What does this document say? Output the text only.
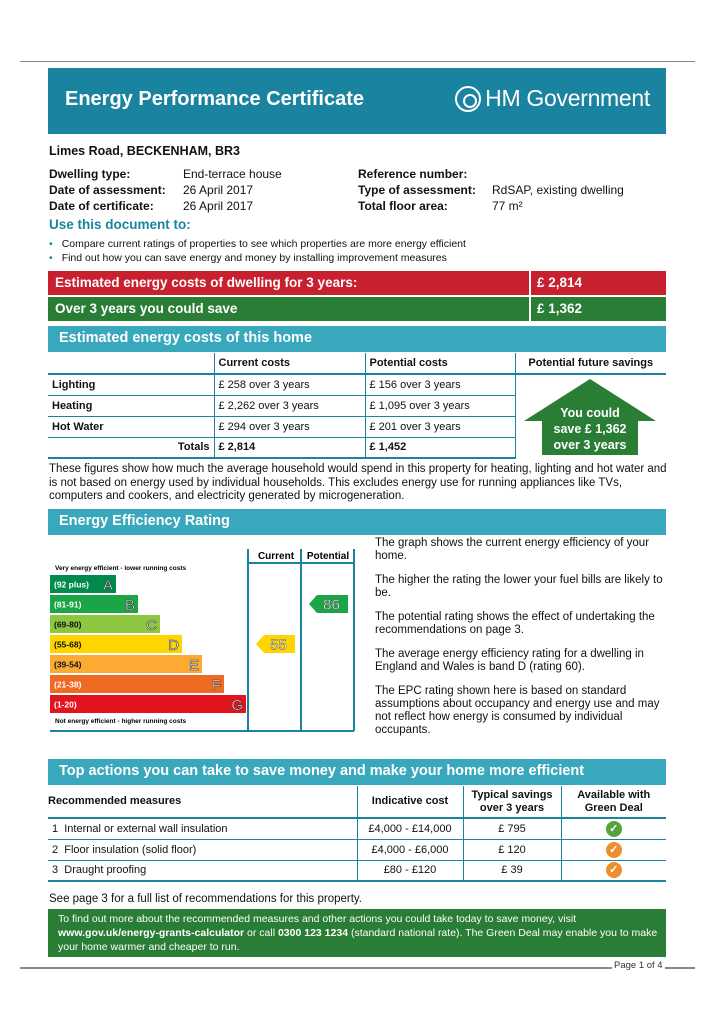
Energy Performance Certificate	HM Government
Limes Road, BECKENHAM, BR3
Dwelling type:	End-terrace house
Date of assessment: 26 April 2017
Date of certificate: 26 April 2017
Reference number:
Type of assessment: RdSAP, existing dwelling
Total floor area:	77 m²
Use this document to:
• Compare current ratings of properties to see which properties are more energy efficient
• Find out how you can save energy and money by installing improvement measures
Estimated energy costs of dwelling for 3 years:	£ 2,814
Over 3 years you could save	£ 1,362
Estimated energy costs of this home
	Current costs	Potential costs	Potential future savings
Lighting	£ 258 over 3 years	£ 156 over 3 years	
Heating	£ 2,262 over 3 years	£ 1,095 over 3 years	
Hot Water	£ 294 over 3 years	£ 201 over 3 years	
Totals	£ 2,814	£ 1,452	
You could
save £ 1,362
over 3 years
These figures show how much the average household would spend in this property for heating, lighting and hot water and is not based on energy used by individual households. This excludes energy use for running appliances like TVs, computers and cookers, and electricity generated by microgeneration.
Energy Efficiency Rating
Current Potential
Very energy efficient - lower running costs
Not energy efficient - higher running costs
(92 plus) A
(81-91)	B
(69-80)	C
(55-68)	D
(39-54)	E
(21-38)	F
(1-20)	G
55
86

The graph shows the current energy efficiency of your home.

The higher the rating the lower your fuel bills are likely to be.

The potential rating shows the effect of undertaking the recommendations on page 3.

The average energy efficiency rating for a dwelling in England and Wales is band D (rating 60).

The EPC rating shown here is based on standard assumptions about occupancy and energy use and may not reflect how energy is consumed by individual occupants.

Top actions you can take to save money and make your home more efficient
Recommended measures	Indicative cost	Typical savings over 3 years	Available with Green Deal
1 Internal or external wall insulation	£4,000 - £14,000	£ 795	✓
2 Floor insulation (solid floor)	£4,000 - £6,000	£ 120	✓
3 Draught proofing	£80 - £120	£ 39	✓
See page 3 for a full list of recommendations for this property.
To find out more about the recommended measures and other actions you could take today to save money, visit www.gov.uk/energy-grants-calculator or call 0300 123 1234 (standard national rate). The Green Deal may enable you to make your home warmer and cheaper to run.
Page 1 of 4
